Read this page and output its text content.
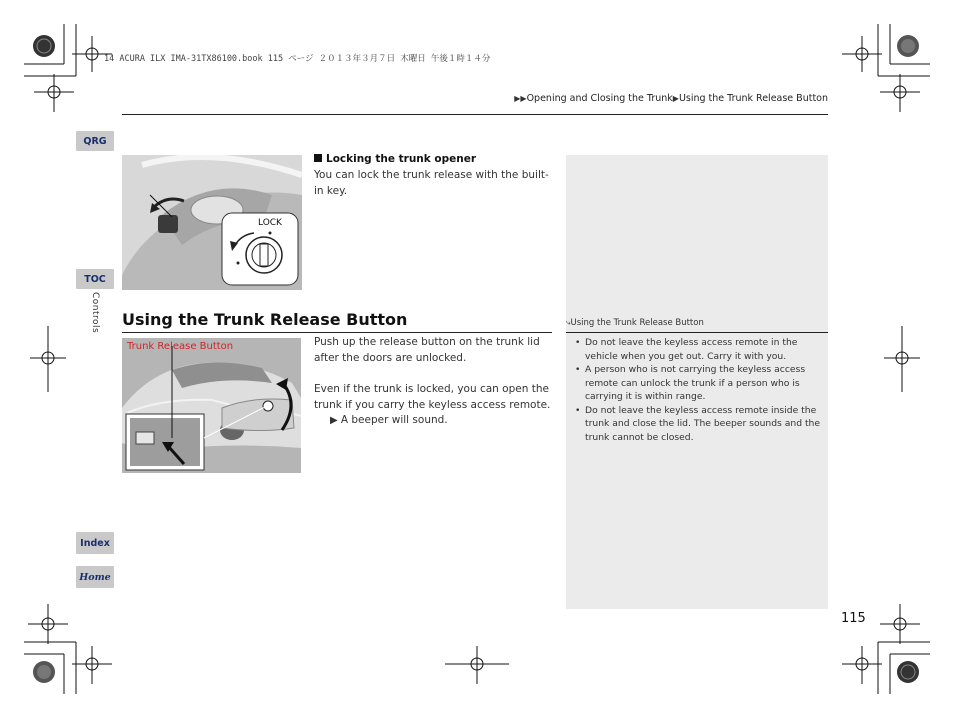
14 ACURA ILX IMA-31TX86100.book 115 ページ ２０１３年３月７日 木曜日 午後１時１４分
▶▶Opening and Closing the Trunk▶Using the Trunk Release Button
QRG
TOC
Controls
Index
Home
LOCK
Locking the trunk opener
You can lock the trunk release with the built-in key.
⤷Using the Trunk Release Button
• Do not leave the keyless access remote in the vehicle when you get out. Carry it with you.
• A person who is not carrying the keyless access remote can unlock the trunk if a person who is carrying it is within range.
• Do not leave the keyless access remote inside the trunk and close the lid. The beeper sounds and the trunk cannot be closed.
Using the Trunk Release Button
Trunk Release Button	Push up the release button on the trunk lid after the doors are unlocked.
Even if the trunk is locked, you can open the trunk if you carry the keyless access remote.
▶ A beeper will sound.
115
